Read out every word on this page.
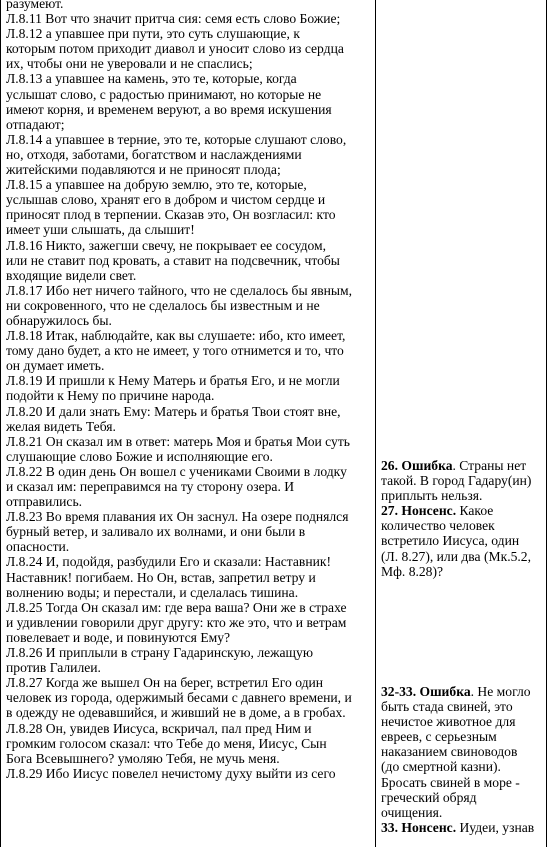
разумеют.
Л.8.11 Вот что значит притча сия: семя есть слово Божие;
Л.8.12 а упавшее при пути, это суть слушающие, к
которым потом приходит диавол и уносит слово из сердца
их, чтобы они не уверовали и не спаслись;
Л.8.13 а упавшее на камень, это те, которые, когда
услышат слово, с радостью принимают, но которые не
имеют корня, и временем веруют, а во время искушения
отпадают;
Л.8.14 а упавшее в терние, это те, которые слушают слово,
но, отходя, заботами, богатством и наслаждениями
житейскими подавляются и не приносят плода;
Л.8.15 а упавшее на добрую землю, это те, которые,
услышав слово, хранят его в добром и чистом сердце и
приносят плод в терпении. Сказав это, Он возгласил: кто
имеет уши слышать, да слышит!
Л.8.16 Никто, зажегши свечу, не покрывает ее сосудом,
или не ставит под кровать, а ставит на подсвечник, чтобы
входящие видели свет.
Л.8.17 Ибо нет ничего тайного, что не сделалось бы явным,
ни сокровенного, что не сделалось бы известным и не
обнаружилось бы.
Л.8.18 Итак, наблюдайте, как вы слушаете: ибо, кто имеет,
тому дано будет, а кто не имеет, у того отнимется и то, что
он думает иметь.
Л.8.19 И пришли к Нему Матерь и братья Его, и не могли
подойти к Нему по причине народа.
Л.8.20 И дали знать Ему: Матерь и братья Твои стоят вне,
желая видеть Тебя.
Л.8.21 Он сказал им в ответ: матерь Моя и братья Мои суть
слушающие слово Божие и исполняющие его.
Л.8.22 В один день Он вошел с учениками Своими в лодку
и сказал им: переправимся на ту сторону озера. И
отправились.
Л.8.23 Во время плавания их Он заснул. На озере поднялся
бурный ветер, и заливало их волнами, и они были в
опасности.
Л.8.24 И, подойдя, разбудили Его и сказали: Наставник!
Наставник! погибаем. Но Он, встав, запретил ветру и
волнению воды; и перестали, и сделалась тишина.
Л.8.25 Тогда Он сказал им: где вера ваша? Они же в страхе
и удивлении говорили друг другу: кто же это, что и ветрам
повелевает и воде, и повинуются Ему?
Л.8.26 И приплыли в страну Гадаринскую, лежащую
против Галилеи.
Л.8.27 Когда же вышел Он на берег, встретил Его один
человек из города, одержимый бесами с давнего времени, и
в одежду не одевавшийся, и живший не в доме, а в гробах.
Л.8.28 Он, увидев Иисуса, вскричал, пал пред Ним и
громким голосом сказал: что Тебе до меня, Иисус, Сын
Бога Всевышнего? умоляю Тебя, не мучь меня.
Л.8.29 Ибо Иисус повелел нечистому духу выйти из сего
26. Ошибка. Страны нет
такой. В город Гадару(ин)
приплыть нельзя.
27. Нонсенс. Какое
количество человек
встретило Иисуса, один
(Л. 8.27), или два (Мк.5.2,
Мф. 8.28)?
32-33. Ошибка. Не могло
быть стада свиней, это
нечистое животное для
евреев, с серьезным
наказанием свиноводов
(до смертной казни).
Бросать свиней в море -
греческий обряд
очищения.
33. Нонсенс. Иудеи, узнав
